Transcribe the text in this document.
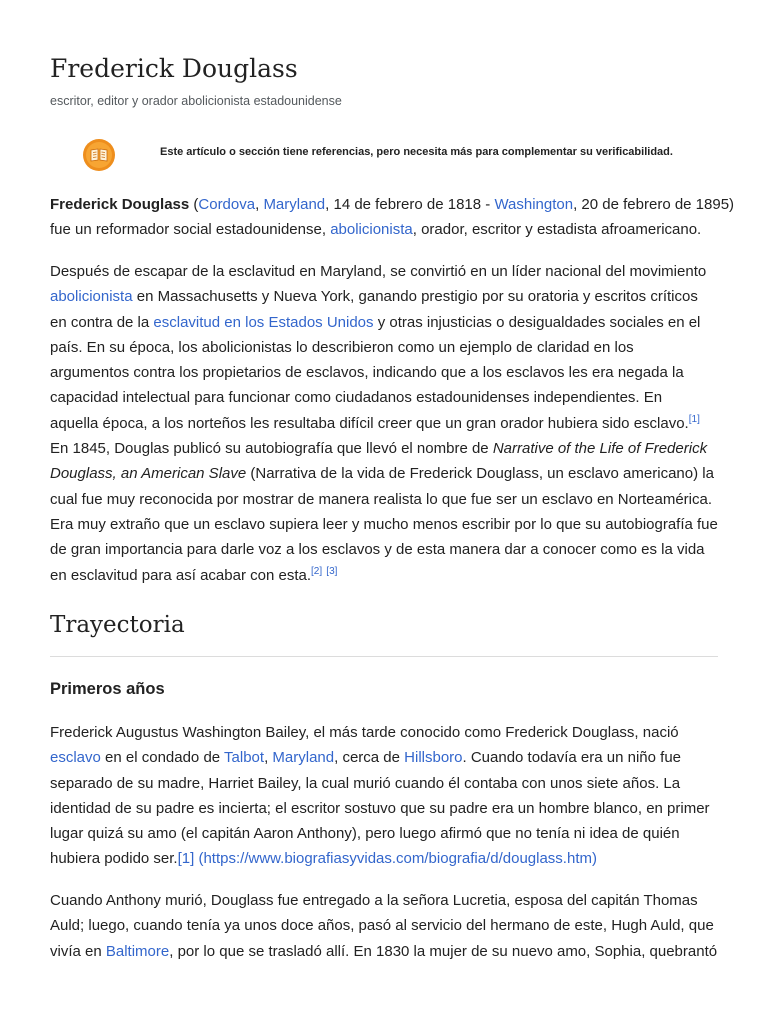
Frederick Douglass

escritor, editor y orador abolicionista estadounidense

Este artículo o sección tiene referencias, pero necesita más para complementar su verificabilidad.

Frederick Douglass (Cordova, Maryland, 14 de febrero de 1818 - Washington, 20 de febrero de 1895)
fue un reformador social estadounidense, abolicionista, orador, escritor y estadista afroamericano.

Después de escapar de la esclavitud en Maryland, se convirtió en un líder nacional del movimiento
abolicionista en Massachusetts y Nueva York, ganando prestigio por su oratoria y escritos críticos
en contra de la esclavitud en los Estados Unidos y otras injusticias o desigualdades sociales en el
país. En su época, los abolicionistas lo describieron como un ejemplo de claridad en los
argumentos contra los propietarios de esclavos, indicando que a los esclavos les era negada la
capacidad intelectual para funcionar como ciudadanos estadounidenses independientes. En
aquella época, a los norteños les resultaba difícil creer que un gran orador hubiera sido esclavo.[1]
En 1845, Douglas publicó su autobiografía que llevó el nombre de Narrative of the Life of Frederick
Douglass, an American Slave (Narrativa de la vida de Frederick Douglass, un esclavo americano) la
cual fue muy reconocida por mostrar de manera realista lo que fue ser un esclavo en Norteamérica.
Era muy extraño que un esclavo supiera leer y mucho menos escribir por lo que su autobiografía fue
de gran importancia para darle voz a los esclavos y de esta manera dar a conocer como es la vida
en esclavitud para así acabar con esta.[2] [3]

Trayectoria
Primeros años

Frederick Augustus Washington Bailey, el más tarde conocido como Frederick Douglass, nació
esclavo en el condado de Talbot, Maryland, cerca de Hillsboro. Cuando todavía era un niño fue
separado de su madre, Harriet Bailey, la cual murió cuando él contaba con unos siete años. La
identidad de su padre es incierta; el escritor sostuvo que su padre era un hombre blanco, en primer
lugar quizá su amo (el capitán Aaron Anthony), pero luego afirmó que no tenía ni idea de quién
hubiera podido ser.[1] (https://www.biografiasyvidas.com/biografia/d/douglass.htm)

Cuando Anthony murió, Douglass fue entregado a la señora Lucretia, esposa del capitán Thomas
Auld; luego, cuando tenía ya unos doce años, pasó al servicio del hermano de este, Hugh Auld, que
vivía en Baltimore, por lo que se trasladó allí. En 1830 la mujer de su nuevo amo, Sophia, quebrantó
